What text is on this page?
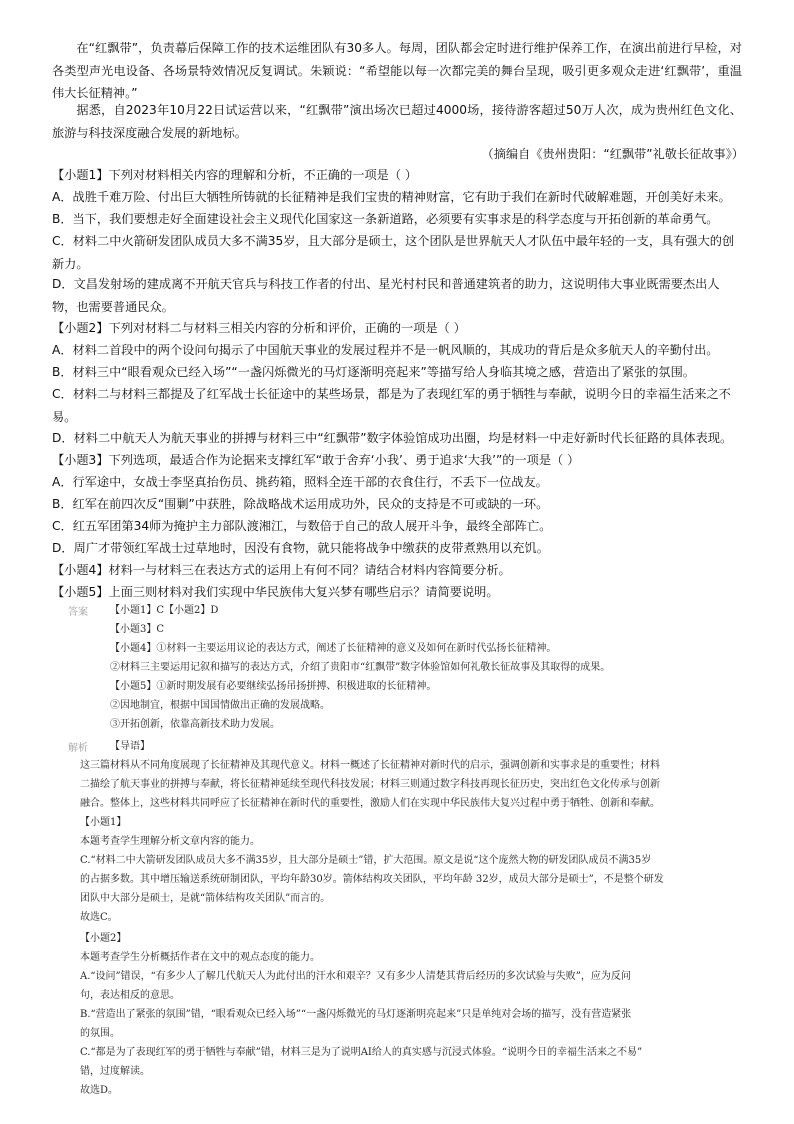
在“红飘带”，负责幕后保障工作的技术运维团队有30多人。每周，团队都会定时进行维护保养工作，在演出前进行早检，对各类型声光电设备、各场景特效情况反复调试。朱颖说：“希望能以每一次都完美的舞台呈现，吸引更多观众走进‘红飘带’，重温伟大长征精神。”

据悉，自2023年10月22日试运营以来，“红飘带”演出场次已超过4000场，接待游客超过50万人次，成为贵州红色文化、旅游与科技深度融合发展的新地标。

（摘编自《贵州贵阳：“红飘带”礼敬长征故事》）

【小题1】下列对材料相关内容的理解和分析，不正确的一项是（ ）

A．战胜千难万险、付出巨大牺牲所铸就的长征精神是我们宝贵的精神财富，它有助于我们在新时代破解难题，开创美好未来。

B．当下，我们要想走好全面建设社会主义现代化国家这一条新道路，必须要有实事求是的科学态度与开拓创新的革命勇气。

C．材料二中火箭研发团队成员大多不满35岁，且大部分是硕士，这个团队是世界航天人才队伍中最年轻的一支，具有强大的创新力。

D．文昌发射场的建成离不开航天官兵与科技工作者的付出、星光村村民和普通建筑者的助力，这说明伟大事业既需要杰出人物，也需要普通民众。

【小题2】下列对材料二与材料三相关内容的分析和评价，正确的一项是（ ）

A．材料二首段中的两个设问句揭示了中国航天事业的发展过程并不是一帆风顺的，其成功的背后是众多航天人的辛勤付出。

B．材料三中“眼看观众已经入场”“一盏闪烁微光的马灯逐渐明亮起来”等描写给人身临其境之感，营造出了紧张的氛围。

C．材料二与材料三都提及了红军战士长征途中的某些场景，都是为了表现红军的勇于牺牲与奉献，说明今日的幸福生活来之不易。

D．材料二中航天人为航天事业的拼搏与材料三中“红飘带”数字体验馆成功出圈，均是材料一中走好新时代长征路的具体表现。

【小题3】下列选项，最适合作为论据来支撑红军“敢于舍弃‘小我’、勇于追求‘大我’”的一项是（ ）

A．行军途中，女战士李坚真抬伤员、挑药箱，照料全连干部的衣食住行，不丢下一位战友。

B．红军在前四次反“围剿”中获胜，除战略战术运用成功外，民众的支持是不可或缺的一环。

C．红五军团第34师为掩护主力部队渡湘江，与数倍于自己的敌人展开斗争，最终全部阵亡。

D．周广才带领红军战士过草地时，因没有食物，就只能将战争中缴获的皮带煮熟用以充饥。

【小题4】材料一与材料三在表达方式的运用上有何不同？请结合材料内容简要分析。

【小题5】上面三则材料对我们实现中华民族伟大复兴梦有哪些启示？请简要说明。

答案 【小题1】C【小题2】D

【小题3】C

【小题4】①材料一主要运用议论的表达方式，阐述了长征精神的意义及如何在新时代弘扬长征精神。

②材料三主要运用记叙和描写的表达方式，介绍了贵阳市“红飘带”数字体验馆如何礼敬长征故事及其取得的成果。

【小题5】①新时期发展有必要继续弘扬吊扬拼搏、积极进取的长征精神。

②因地制宜，根据中国国情做出正确的发展战略。

③开拓创新，依靠高新技术助力发展。

解析 【导语】

这三篇材料从不同角度展现了长征精神及其现代意义。材料一概述了长征精神对新时代的启示，强调创新和实事求是的重要性；材料

二描绘了航天事业的拼搏与奉献，将长征精神延续至现代科技发展；材料三则通过数字科技再现长征历史，突出红色文化传承与创新

融合。整体上，这些材料共同呼应了长征精神在新时代的重要性，激励人们在实现中华民族伟大复兴过程中勇于牺牲、创新和奉献。

【小题1】

本题考查学生理解分析文章内容的能力。

C.“材料二中大箭研发团队成员大多不满35岁，且大部分是硕士”错，扩大范围。原文是说“这个庞然大物的研发团队成员不满35岁

的占据多数。其中增压输送系统研制团队，平均年龄30岁。箭体结构攻关团队，平均年龄 32岁，成员大部分是硕士”，不是整个研发

团队中大部分是硕士，是就“箭体结构攻关团队”而言的。

故选C。

【小题2】

本题考查学生分析概括作者在文中的观点态度的能力。

A.“设问”错误，“有多少人了解几代航天人为此付出的汗水和艰辛？又有多少人清楚其背后经历的多次试验与失败”，应为反问

句，表达相反的意思。

B.“营造出了紧张的氛围”错，“眼看观众已经入场”“一盏闪烁微光的马灯逐渐明亮起来”只是单纯对会场的描写，没有营造紧张

的氛围。

C.“都是为了表现红军的勇于牺牲与奉献”错，材料三是为了说明AI给人的真实感与沉浸式体验。“说明今日的幸福生活来之不易”

错，过度解读。

故选D。
